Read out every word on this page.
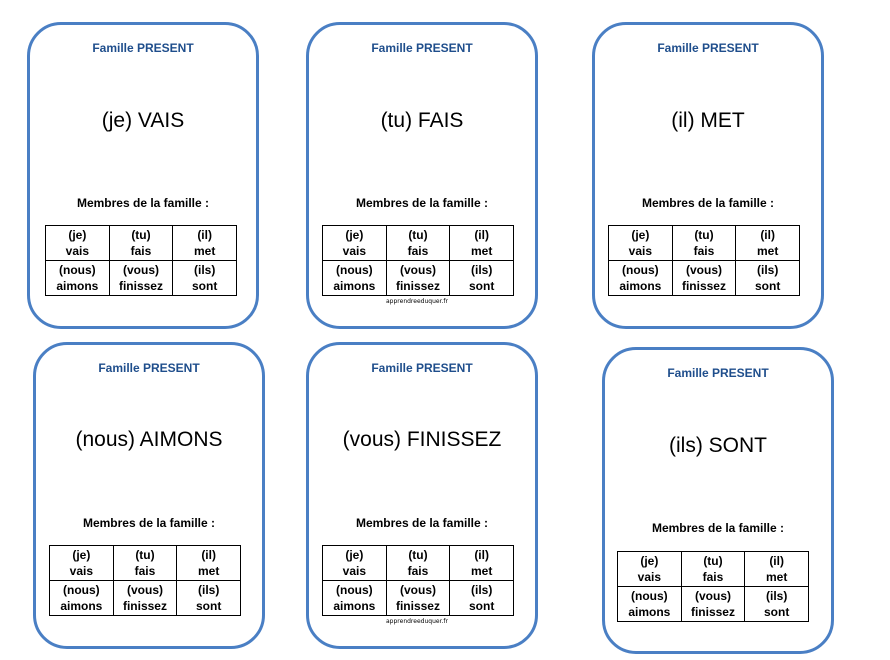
Famille PRESENT
(je) VAIS
Membres de la famille :
(je)
vais	(tu)
fais	(il)
met

(nous)
aimons	(vous)
finissez	(ils)
sont
Famille PRESENT
(tu) FAIS
Membres de la famille :
(je)
vais	(tu)
fais	(il)
met

(nous)
aimons	(vous)
finissez	(ils)
sont
apprendreeduquer.fr
Famille PRESENT
(il) MET
Membres de la famille :
(je)
vais	(tu)
fais	(il)
met

(nous)
aimons	(vous)
finissez	(ils)
sont
Famille PRESENT
(nous) AIMONS
Membres de la famille :
(je)
vais	(tu)
fais	(il)
met

(nous)
aimons	(vous)
finissez	(ils)
sont
Famille PRESENT
(vous) FINISSEZ
Membres de la famille :
(je)
vais	(tu)
fais	(il)
met

(nous)
aimons	(vous)
finissez	(ils)
sont
apprendreeduquer.fr
Famille PRESENT
(ils) SONT
Membres de la famille :
(je)
vais	(tu)
fais	(il)
met

(nous)
aimons	(vous)
finissez	(ils)
sont
